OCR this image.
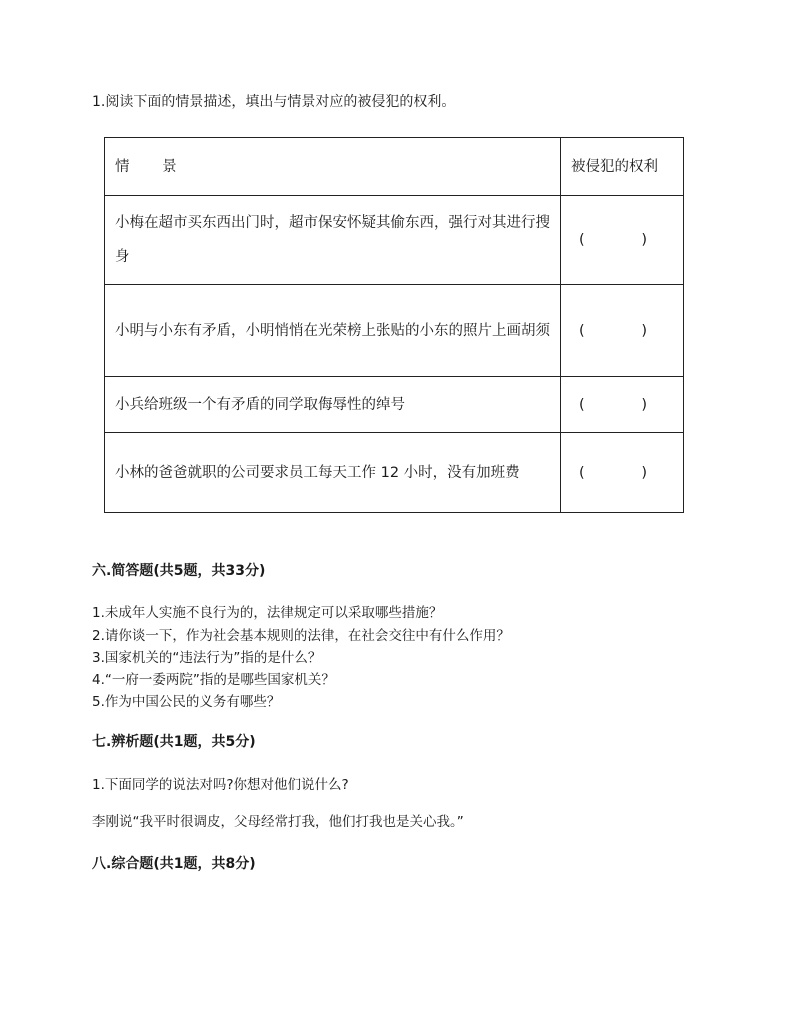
1.阅读下面的情景描述，填出与情景对应的被侵犯的权利。
情 景	被侵犯的权利
小梅在超市买东西出门时，超市保安怀疑其偷东西，强行对其进行搜身	( )

小明与小东有矛盾，小明悄悄在光荣榜上张贴的小东的照片上画胡须	( )

小兵给班级一个有矛盾的同学取侮辱性的绰号	( )

小林的爸爸就职的公司要求员工每天工作 12 小时，没有加班费	( )
六.简答题(共5题，共33分)
1.未成年人实施不良行为的，法律规定可以采取哪些措施？
2.请你谈一下，作为社会基本规则的法律，在社会交往中有什么作用？
3.国家机关的“违法行为”指的是什么？
4.“一府一委两院”指的是哪些国家机关？
5.作为中国公民的义务有哪些？
七.辨析题(共1题，共5分)
1.下面同学的说法对吗?你想对他们说什么?
李刚说“我平时很调皮，父母经常打我，他们打我也是关心我。”
八.综合题(共1题，共8分)
